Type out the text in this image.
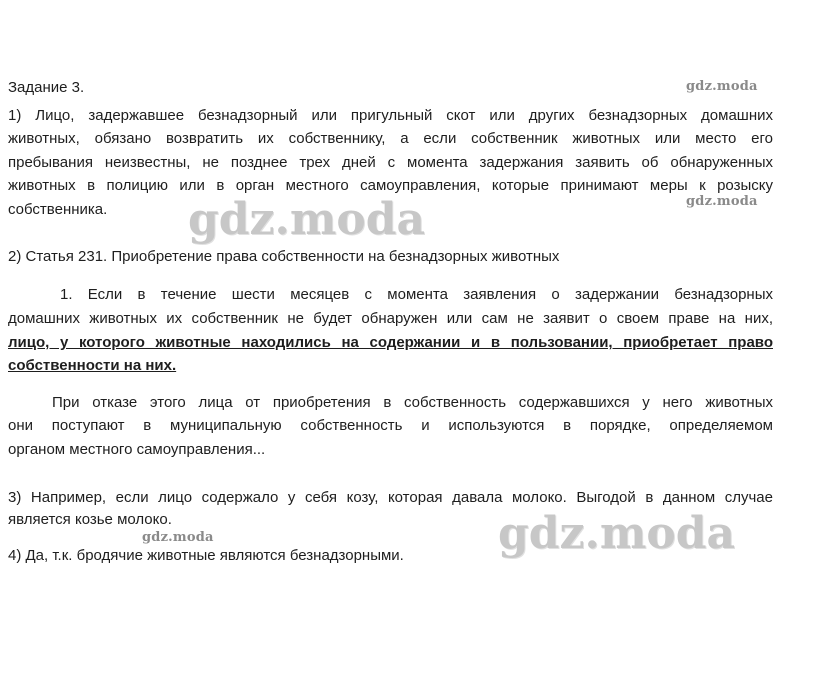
Задание 3.
1) Лицо, задержавшее безнадзорный или пригульный скот или других безнадзорных домашних
животных, обязано возвратить их собственнику, а если собственник животных или место его
пребывания неизвестны, не позднее трех дней с момента задержания заявить об обнаруженных
животных в полицию или в орган местного самоуправления, которые принимают меры к розыску
собственника.
2) Статья 231. Приобретение права собственности на безнадзорных животных
1. Если в течение шести месяцев с момента заявления о задержании безнадзорных
домашних животных их собственник не будет обнаружен или сам не заявит о своем праве на них,
лицо, у которого животные находились на содержании и в пользовании, приобретает право
собственности на них.
При отказе этого лица от приобретения в собственность содержавшихся у него животных
они поступают в муниципальную собственность и используются в порядке, определяемом
органом местного самоуправления...
3) Например, если лицо содержало у себя козу, которая давала молоко. Выгодой в данном случае
является козье молоко.
4) Да, т.к. бродячие животные являются безнадзорными.
gdz.moda
gdz.moda
gdz.moda
gdz.moda
gdz.moda
